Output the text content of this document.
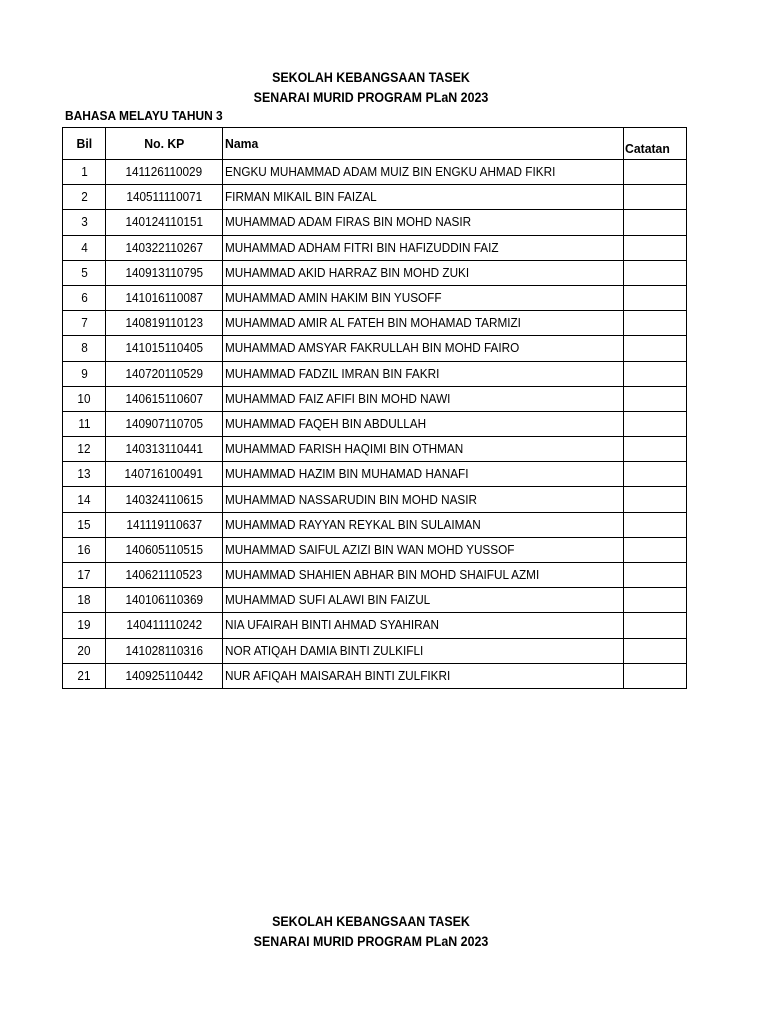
SEKOLAH KEBANGSAAN TASEK
SENARAI MURID PROGRAM PLaN 2023
BAHASA MELAYU TAHUN 3
Bil	No. KP	Nama	Catatan
1	141126110029	ENGKU MUHAMMAD ADAM MUIZ BIN ENGKU AHMAD FIKRI	
2	140511110071	FIRMAN MIKAIL BIN FAIZAL	
3	140124110151	MUHAMMAD ADAM FIRAS BIN MOHD NASIR	
4	140322110267	MUHAMMAD ADHAM FITRI BIN HAFIZUDDIN FAIZ	
5	140913110795	MUHAMMAD AKID HARRAZ BIN MOHD ZUKI	
6	141016110087	MUHAMMAD AMIN HAKIM BIN YUSOFF	
7	140819110123	MUHAMMAD AMIR AL FATEH BIN MOHAMAD TARMIZI	
8	141015110405	MUHAMMAD AMSYAR FAKRULLAH BIN MOHD FAIRO	
9	140720110529	MUHAMMAD FADZIL IMRAN BIN FAKRI	
10	140615110607	MUHAMMAD FAIZ AFIFI BIN MOHD NAWI	
11	140907110705	MUHAMMAD FAQEH BIN ABDULLAH	
12	140313110441	MUHAMMAD FARISH HAQIMI BIN OTHMAN	
13	140716100491	MUHAMMAD HAZIM BIN MUHAMAD HANAFI	
14	140324110615	MUHAMMAD NASSARUDIN BIN MOHD NASIR	
15	141119110637	MUHAMMAD RAYYAN REYKAL BIN SULAIMAN	
16	140605110515	MUHAMMAD SAIFUL AZIZI BIN WAN MOHD YUSSOF	
17	140621110523	MUHAMMAD SHAHIEN ABHAR BIN MOHD SHAIFUL AZMI	
18	140106110369	MUHAMMAD SUFI ALAWI BIN FAIZUL	
19	140411110242	NIA UFAIRAH BINTI AHMAD SYAHIRAN	
20	141028110316	NOR ATIQAH DAMIA BINTI ZULKIFLI	
21	140925110442	NUR AFIQAH MAISARAH BINTI ZULFIKRI	
SEKOLAH KEBANGSAAN TASEK
SENARAI MURID PROGRAM PLaN 2023
